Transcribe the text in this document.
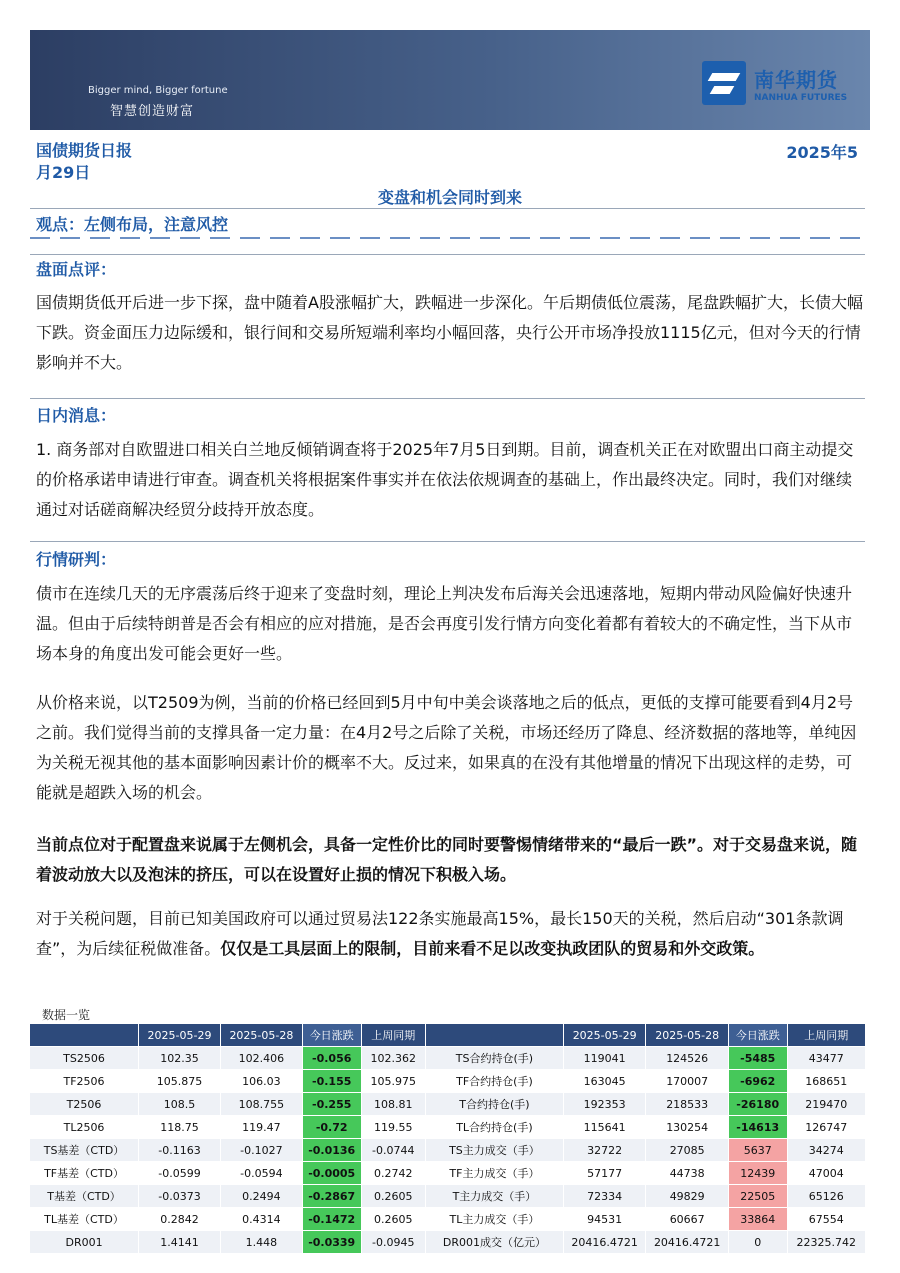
Bigger mind, Bigger fortune
智慧创造财富
南华期货
NANHUA FUTURES
国债期货日报
月29日
2025年5
变盘和机会同时到来
观点：左侧布局，注意风控
盘面点评：
国债期货低开后进一步下探，盘中随着A股涨幅扩大，跌幅进一步深化。午后期债低位震荡，尾盘跌幅扩大，长债大幅下跌。资金面压力边际缓和，银行间和交易所短端利率均小幅回落，央行公开市场净投放1115亿元，但对今天的行情影响并不大。
日内消息：
1. 商务部对自欧盟进口相关白兰地反倾销调查将于2025年7月5日到期。目前，调查机关正在对欧盟出口商主动提交的价格承诺申请进行审查。调查机关将根据案件事实并在依法依规调查的基础上，作出最终决定。同时，我们对继续通过对话磋商解决经贸分歧持开放态度。
行情研判：
债市在连续几天的无序震荡后终于迎来了变盘时刻，理论上判决发布后海关会迅速落地，短期内带动风险偏好快速升温。但由于后续特朗普是否会有相应的应对措施，是否会再度引发行情方向变化着都有着较大的不确定性，当下从市场本身的角度出发可能会更好一些。
从价格来说，以T2509为例，当前的价格已经回到5月中旬中美会谈落地之后的低点，更低的支撑可能要看到4月2号之前。我们觉得当前的支撑具备一定力量：在4月2号之后除了关税，市场还经历了降息、经济数据的落地等，单纯因为关税无视其他的基本面影响因素计价的概率不大。反过来，如果真的在没有其他增量的情况下出现这样的走势，可能就是超跌入场的机会。
当前点位对于配置盘来说属于左侧机会，具备一定性价比的同时要警惕情绪带来的“最后一跌”。对于交易盘来说，随着波动放大以及泡沫的挤压，可以在设置好止损的情况下积极入场。
对于关税问题，目前已知美国政府可以通过贸易法122条实施最高15%，最长150天的关税，然后启动“301条款调查”，为后续征税做准备。仅仅是工具层面上的限制，目前来看不足以改变执政团队的贸易和外交政策。
数据一览
	2025-05-29	2025-05-28	今日涨跌	上周同期		2025-05-29	2025-05-28	今日涨跌	上周同期
TS2506	102.35	102.406	-0.056	102.362	TS合约持仓(手)	119041	124526	-5485	43477
TF2506	105.875	106.03	-0.155	105.975	TF合约持仓(手)	163045	170007	-6962	168651
T2506	108.5	108.755	-0.255	108.81	T合约持仓(手)	192353	218533	-26180	219470
TL2506	118.75	119.47	-0.72	119.55	TL合约持仓(手)	115641	130254	-14613	126747
TS基差（CTD）	-0.1163	-0.1027	-0.0136	-0.0744	TS主力成交（手）	32722	27085	5637	34274
TF基差（CTD）	-0.0599	-0.0594	-0.0005	0.2742	TF主力成交（手）	57177	44738	12439	47004
T基差（CTD）	-0.0373	0.2494	-0.2867	0.2605	T主力成交（手）	72334	49829	22505	65126
TL基差（CTD）	0.2842	0.4314	-0.1472	0.2605	TL主力成交（手）	94531	60667	33864	67554
DR001	1.4141	1.448	-0.0339	-0.0945	DR001成交（亿元）	20416.4721	20416.4721	0	22325.742
